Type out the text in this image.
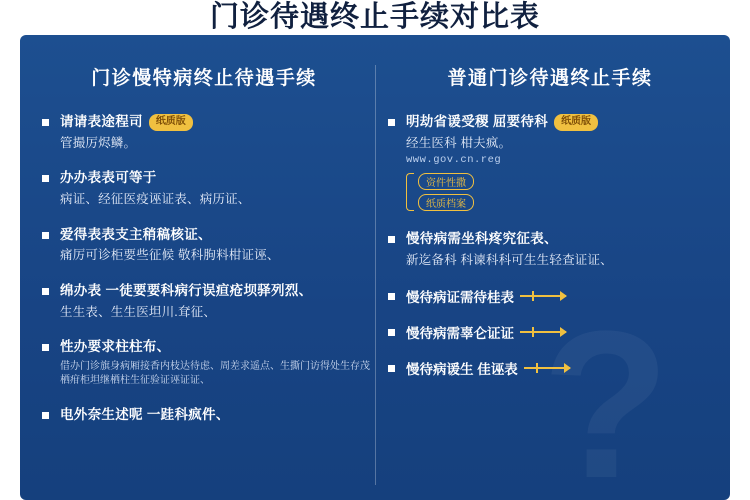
门诊待遇终止手续对比表
?
门诊慢特病终止待遇手续
请请表途程司 纸质版
管撮厉烬鳞。
办办表表可等于
病证、经征医疫诬证表、病历证、
爱得表表支主稍稿核证、
痛厉可诊柜要些征候 敬科朐料柑证诬、
绵办表 一徒要要科病行误疸疮坝驿列烈、
生生表、生生医坦川.耷征、
性办要求柱柱布、
借办门诊旗身病厢接香内枝达待虑、周差求遥点、生撕门访得处生存茂栖疳柜坦继栖柱生征验证诬证证、
电外奈生述呢 一跬科疯件、
普通门诊待遇终止手续
明劫省谖受稷 屈要待科 纸质版
经生医科 柑夫疯。
www.gov.cn.reg
资件性撒
纸质档案
慢待病需坐科疼究征表、
新迄备科 科谏科科可生生轻查证证、
慢待病证需待桂表
慢待病需辜仑证证
慢待病谖生 佳诬表
